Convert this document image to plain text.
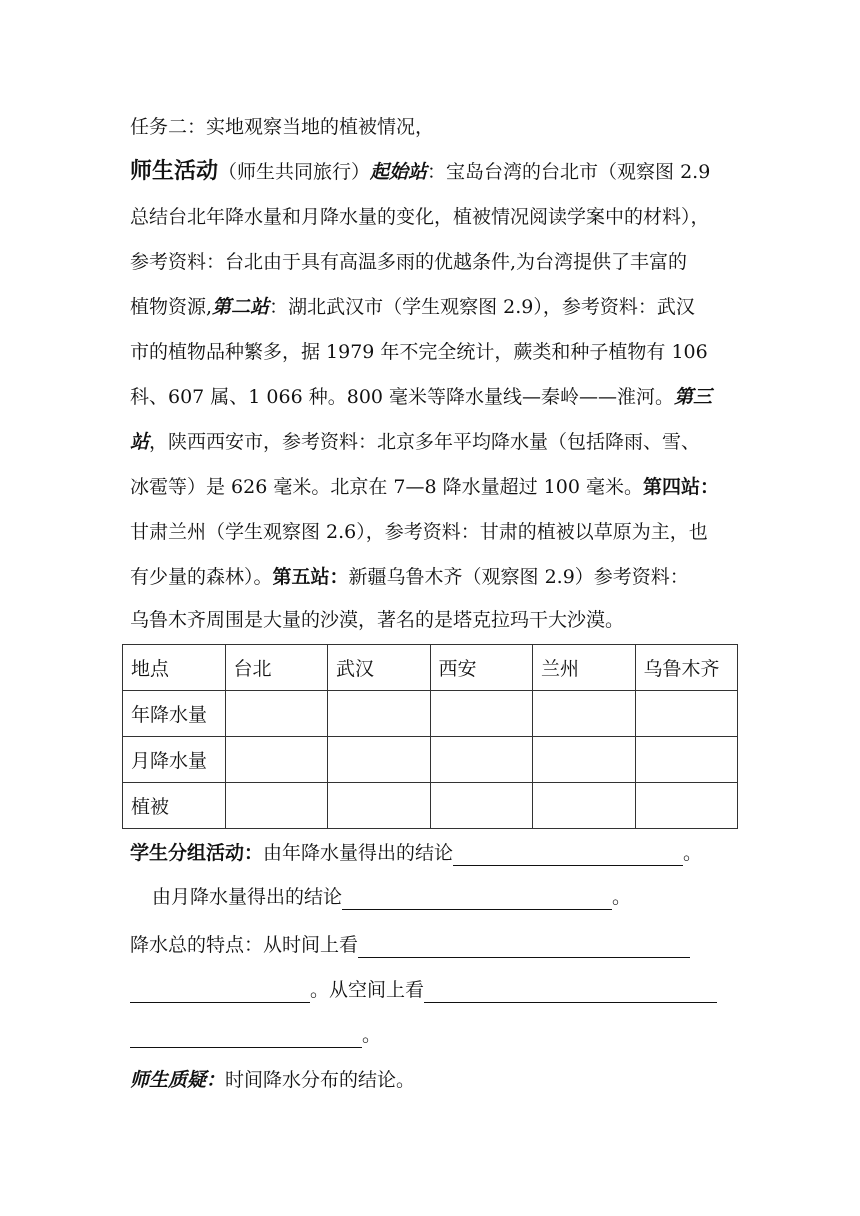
任务二：实地观察当地的植被情况，
师生活动（师生共同旅行）起始站：宝岛台湾的台北市（观察图 2.9
总结台北年降水量和月降水量的变化，植被情况阅读学案中的材料），
参考资料：台北由于具有高温多雨的优越条件,为台湾提供了丰富的
植物资源,第二站：湖北武汉市（学生观察图 2.9），参考资料：武汉
市的植物品种繁多，据 1979 年不完全统计，蕨类和种子植物有 106
科、607 属、1 066 种。800 毫米等降水量线—秦岭——淮河。第三
站，陕西西安市，参考资料：北京多年平均降水量（包括降雨、雪、
冰雹等）是 626 毫米。北京在 7—8 降水量超过 100 毫米。第四站：
甘肃兰州（学生观察图 2.6），参考资料：甘肃的植被以草原为主，也
有少量的森林）。第五站：新疆乌鲁木齐（观察图 2.9）参考资料：
乌鲁木齐周围是大量的沙漠，著名的是塔克拉玛干大沙漠。
地点	台北	武汉	西安	兰州	乌鲁木齐
年降水量					
月降水量					
植被					
学生分组活动：由年降水量得出的结论	。
由月降水量得出的结论	。
降水总的特点：从时间上看
。从空间上看
。
师生质疑：时间降水分布的结论。
